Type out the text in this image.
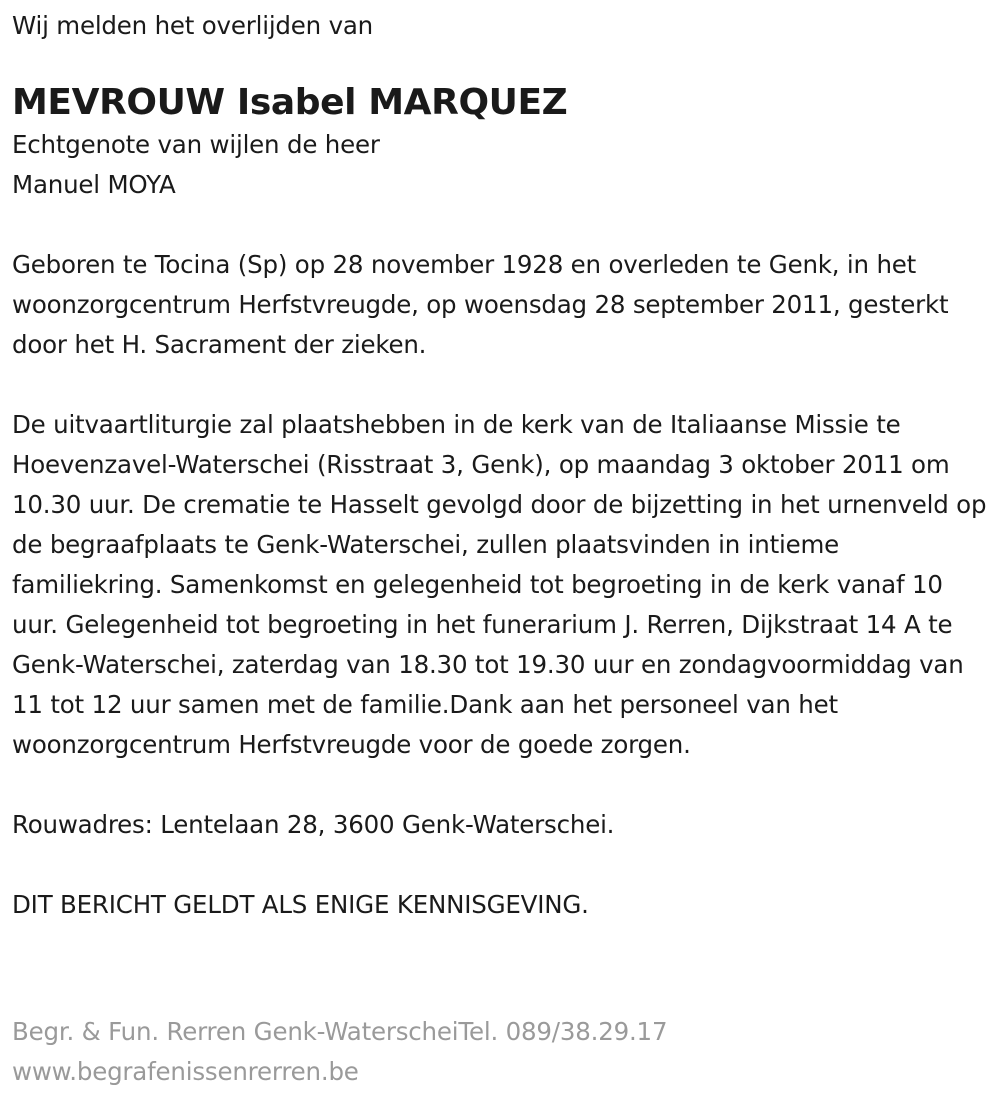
Wij melden het overlijden van

MEVROUW Isabel MARQUEZ

Echtgenote van wijlen de heer
Manuel MOYA

Geboren te Tocina (Sp) op 28 november 1928 en overleden te Genk, in het woonzorgcentrum Herfstvreugde, op woensdag 28 september 2011, gesterkt door het H. Sacrament der zieken.

De uitvaartliturgie zal plaatshebben in de kerk van de Italiaanse Missie te Hoevenzavel-Waterschei (Risstraat 3, Genk), op maandag 3 oktober 2011 om 10.30 uur. De crematie te Hasselt gevolgd door de bijzetting in het urnenveld op de begraafplaats te Genk-Waterschei, zullen plaatsvinden in intieme familiekring. Samenkomst en gelegenheid tot begroeting in de kerk vanaf 10 uur. Gelegenheid tot begroeting in het funerarium J. Rerren, Dijkstraat 14 A te Genk-Waterschei, zaterdag van 18.30 tot 19.30 uur en zondagvoormiddag van 11 tot 12 uur samen met de familie.Dank aan het personeel van het woonzorgcentrum Herfstvreugde voor de goede zorgen.

Rouwadres: Lentelaan 28, 3600 Genk-Waterschei.

DIT BERICHT GELDT ALS ENIGE KENNISGEVING.

Begr. & Fun. Rerren Genk-WaterscheiTel. 089/38.29.17

www.begrafenissenrerren.be
